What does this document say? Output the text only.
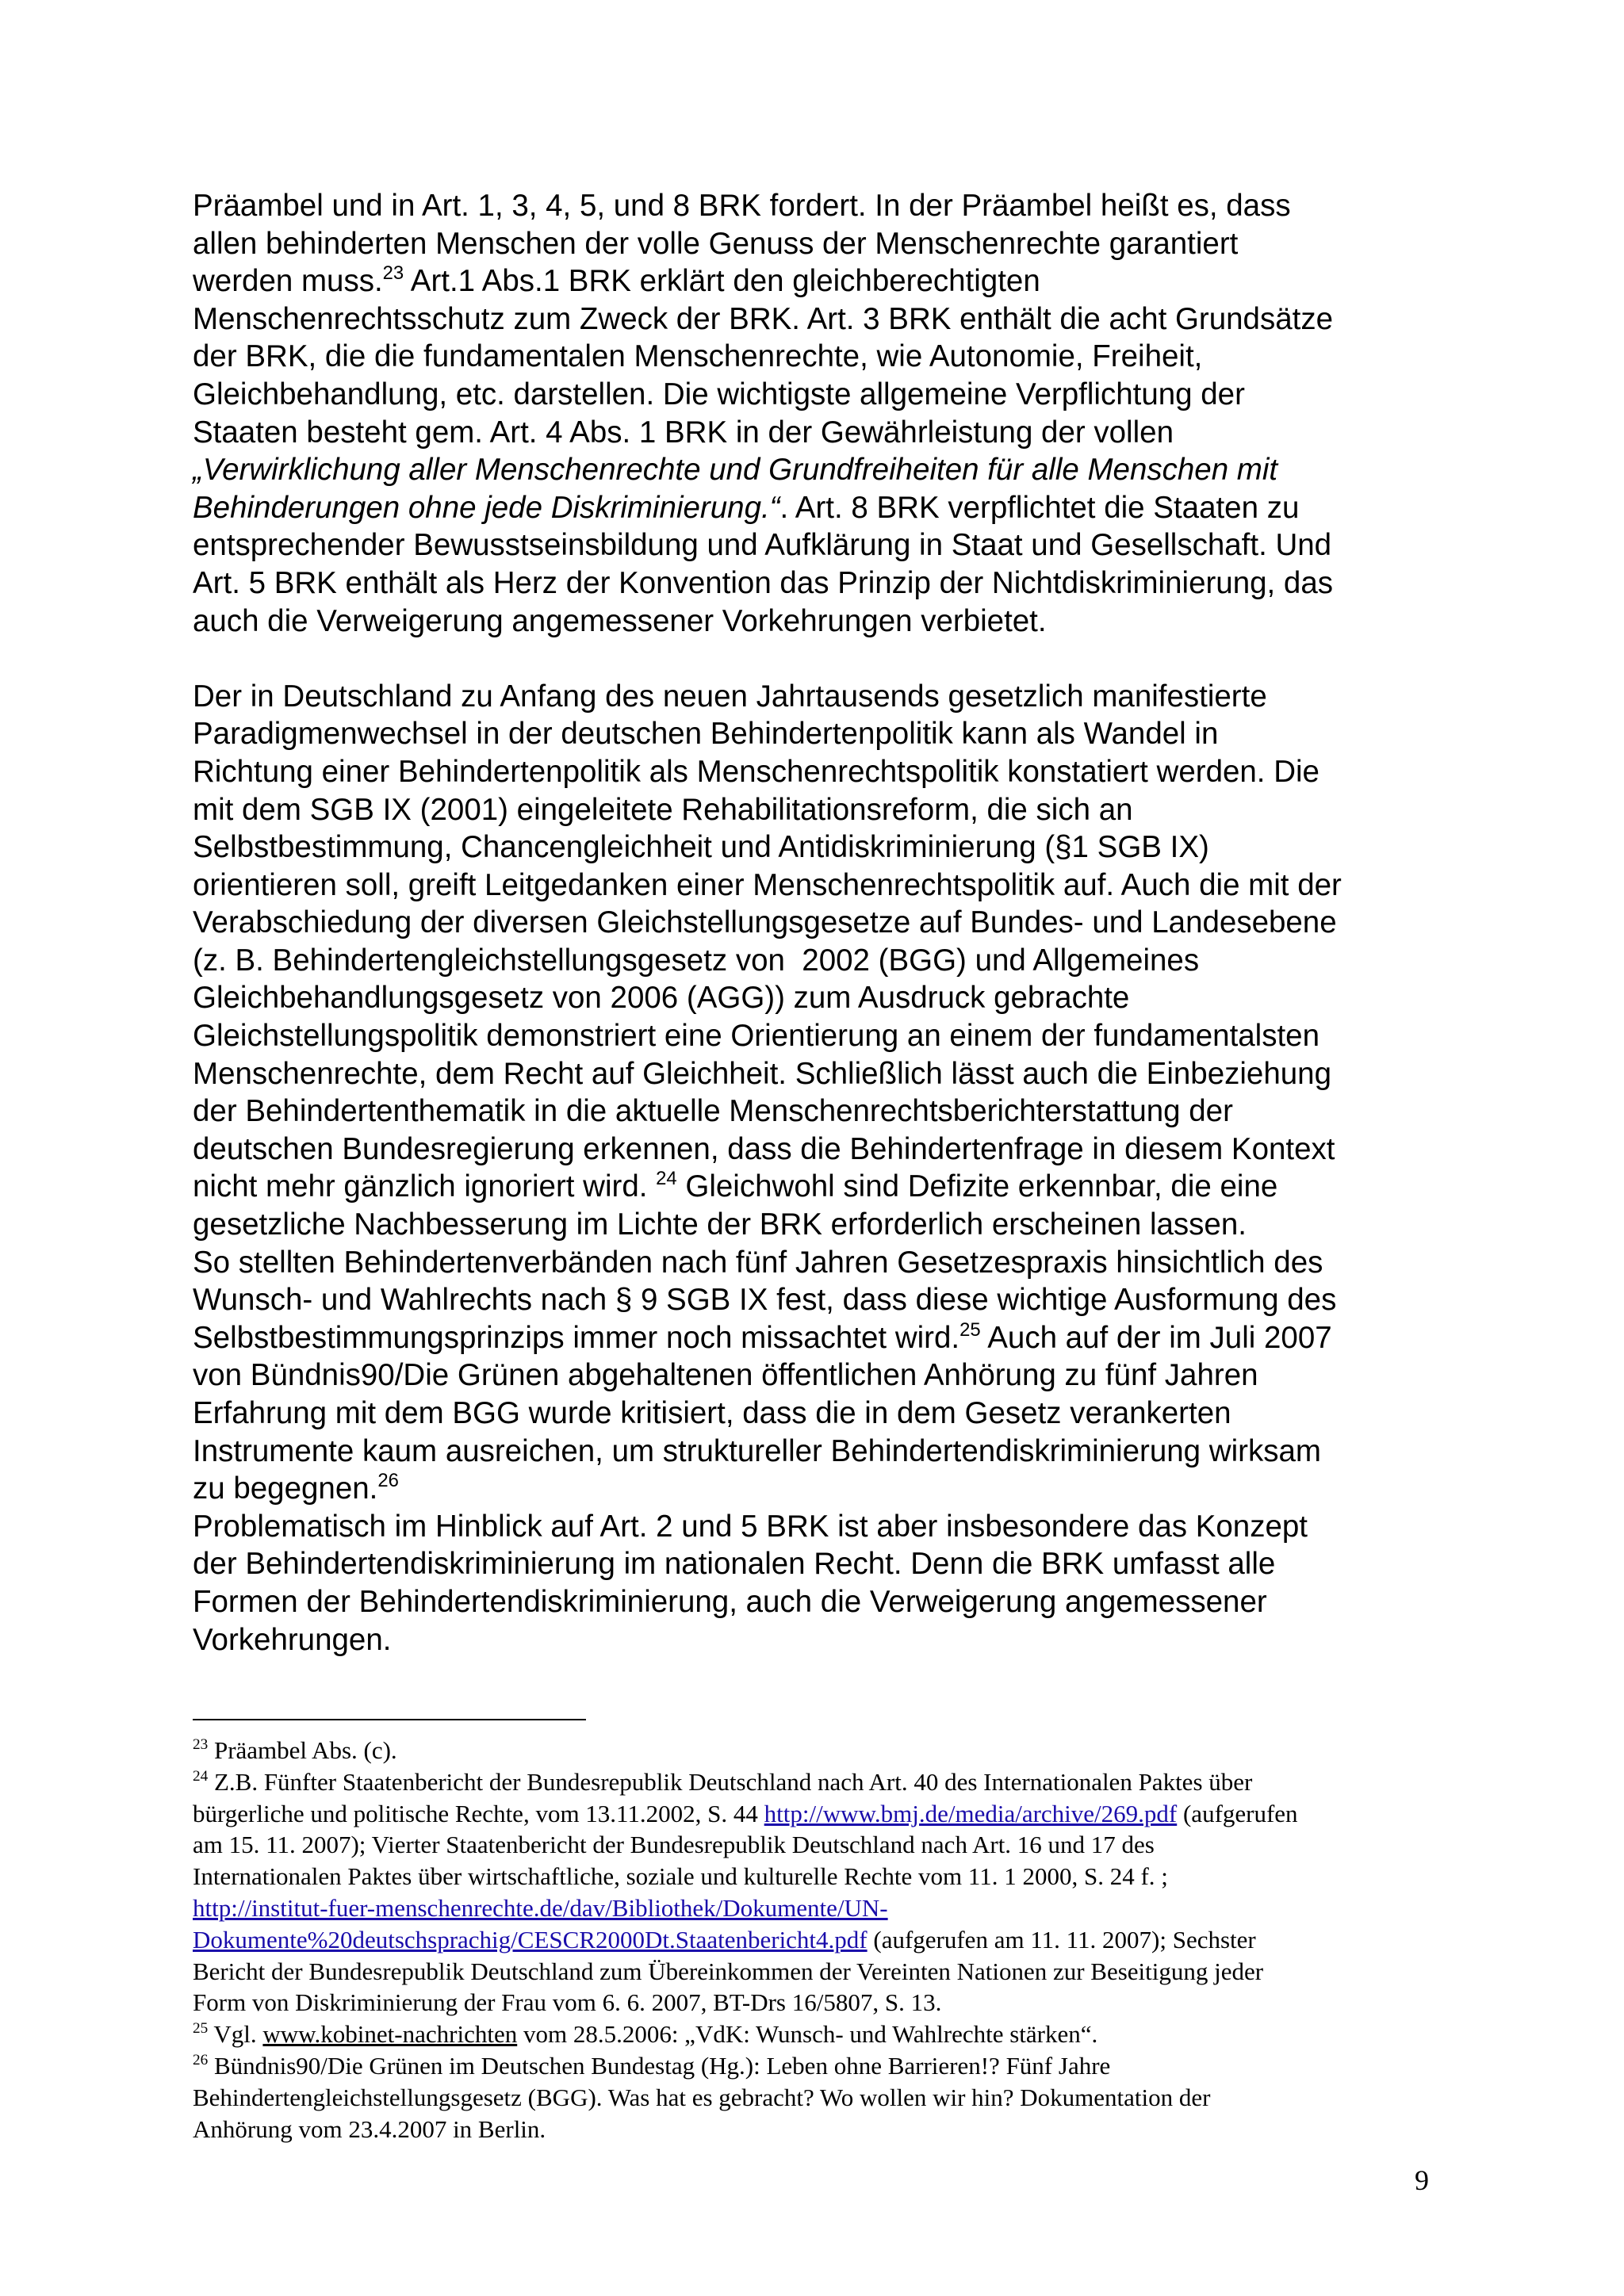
Präambel und in Art. 1, 3, 4, 5, und 8 BRK fordert. In der Präambel heißt es, dass

allen behinderten Menschen der volle Genuss der Menschenrechte garantiert

werden muss.$^{23}$ Art.1 Abs.1 BRK erklärt den gleichberechtigten

Menschenrechtsschutz zum Zweck der BRK. Art. 3 BRK enthält die acht Grundsätze

der BRK, die die fundamentalen Menschenrechte, wie Autonomie, Freiheit,

Gleichbehandlung, etc. darstellen. Die wichtigste allgemeine Verpflichtung der

Staaten besteht gem. Art. 4 Abs. 1 BRK in der Gewährleistung der vollen

„Verwirklichung aller Menschenrechte und Grundfreiheiten für alle Menschen mit

Behinderungen ohne jede Diskriminierung.“. Art. 8 BRK verpflichtet die Staaten zu

entsprechender Bewusstseinsbildung und Aufklärung in Staat und Gesellschaft. Und

Art. 5 BRK enthält als Herz der Konvention das Prinzip der Nichtdiskriminierung, das

auch die Verweigerung angemessener Vorkehrungen verbietet.

Der in Deutschland zu Anfang des neuen Jahrtausends gesetzlich manifestierte

Paradigmenwechsel in der deutschen Behindertenpolitik kann als Wandel in

Richtung einer Behindertenpolitik als Menschenrechtspolitik konstatiert werden. Die

mit dem SGB IX (2001) eingeleitete Rehabilitationsreform, die sich an

Selbstbestimmung, Chancengleichheit und Antidiskriminierung (§1 SGB IX)

orientieren soll, greift Leitgedanken einer Menschenrechtspolitik auf. Auch die mit der

Verabschiedung der diversen Gleichstellungsgesetze auf Bundes- und Landesebene

(z. B. Behindertengleichstellungsgesetz von  2002 (BGG) und Allgemeines

Gleichbehandlungsgesetz von 2006 (AGG)) zum Ausdruck gebrachte

Gleichstellungspolitik demonstriert eine Orientierung an einem der fundamentalsten

Menschenrechte, dem Recht auf Gleichheit. Schließlich lässt auch die Einbeziehung

der Behindertenthematik in die aktuelle Menschenrechtsberichterstattung der

deutschen Bundesregierung erkennen, dass die Behindertenfrage in diesem Kontext

nicht mehr gänzlich ignoriert wird. $^{24}$ Gleichwohl sind Defizite erkennbar, die eine

gesetzliche Nachbesserung im Lichte der BRK erforderlich erscheinen lassen.

So stellten Behindertenverbänden nach fünf Jahren Gesetzespraxis hinsichtlich des

Wunsch- und Wahlrechts nach § 9 SGB IX fest, dass diese wichtige Ausformung des

Selbstbestimmungsprinzips immer noch missachtet wird.$^{25}$ Auch auf der im Juli 2007

von Bündnis90/Die Grünen abgehaltenen öffentlichen Anhörung zu fünf Jahren

Erfahrung mit dem BGG wurde kritisiert, dass die in dem Gesetz verankerten

Instrumente kaum ausreichen, um struktureller Behindertendiskriminierung wirksam

zu begegnen.$^{26}$

Problematisch im Hinblick auf Art. 2 und 5 BRK ist aber insbesondere das Konzept

der Behindertendiskriminierung im nationalen Recht. Denn die BRK umfasst alle

Formen der Behindertendiskriminierung, auch die Verweigerung angemessener

Vorkehrungen.

$^{23}$ Präambel Abs. (c).

$^{24}$ Z.B. Fünfter Staatenbericht der Bundesrepublik Deutschland nach Art. 40 des Internationalen Paktes über

bürgerliche und politische Rechte, vom 13.11.2002, S. 44 http://www.bmj.de/media/archive/269.pdf (aufgerufen

am 15. 11. 2007); Vierter Staatenbericht der Bundesrepublik Deutschland nach Art. 16 und 17 des

Internationalen Paktes über wirtschaftliche, soziale und kulturelle Rechte vom 11. 1 2000, S. 24 f. ;

http://institut-fuer-menschenrechte.de/dav/Bibliothek/Dokumente/UN-

Dokumente%20deutschsprachig/CESCR2000Dt.Staatenbericht4.pdf (aufgerufen am 11. 11. 2007); Sechster

Bericht der Bundesrepublik Deutschland zum Übereinkommen der Vereinten Nationen zur Beseitigung jeder

Form von Diskriminierung der Frau vom 6. 6. 2007, BT-Drs 16/5807, S. 13.

$^{25}$ Vgl. www.kobinet-nachrichten vom 28.5.2006: „VdK: Wunsch- und Wahlrechte stärken“.

$^{26}$ Bündnis90/Die Grünen im Deutschen Bundestag (Hg.): Leben ohne Barrieren!? Fünf Jahre

Behindertengleichstellungsgesetz (BGG). Was hat es gebracht? Wo wollen wir hin? Dokumentation der

Anhörung vom 23.4.2007 in Berlin.

9
